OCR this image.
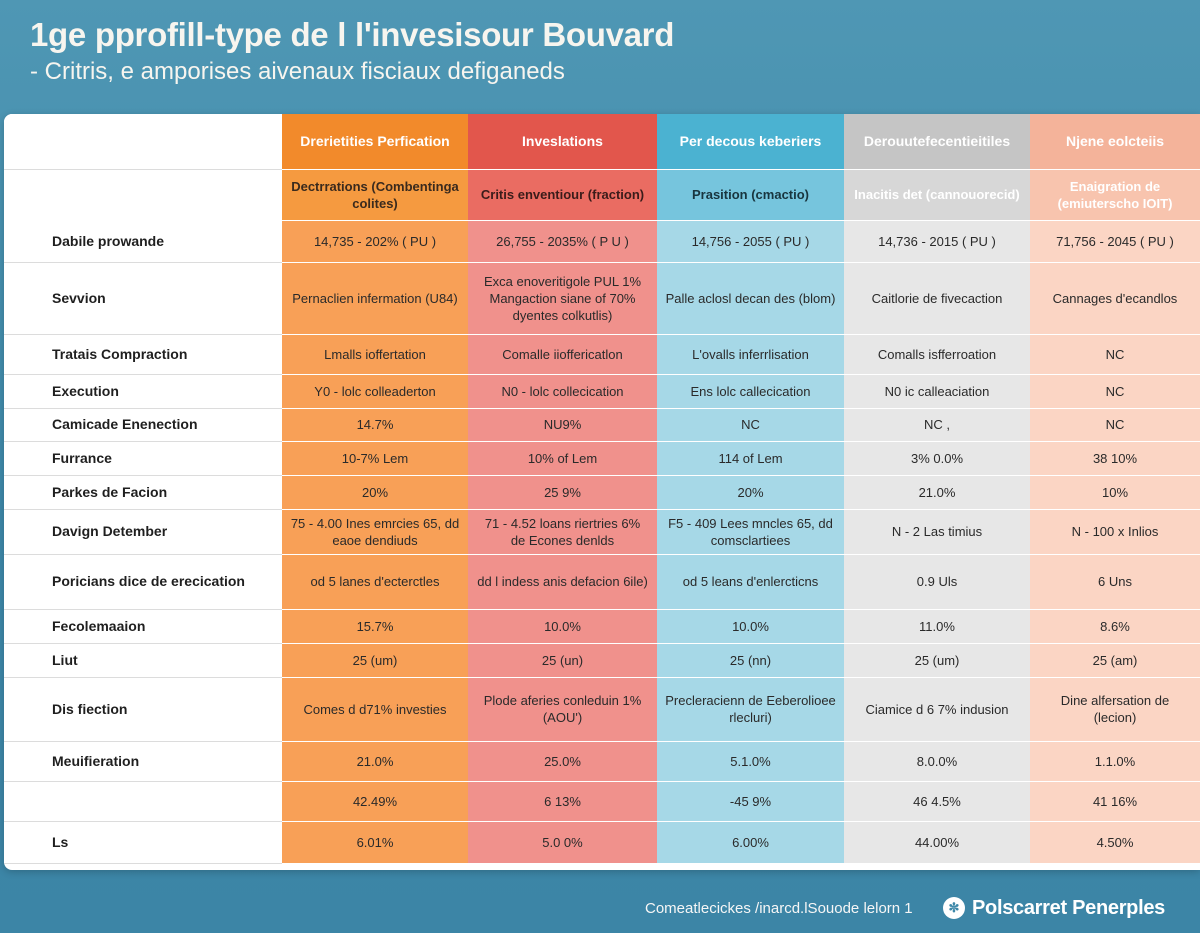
1ge pprofill-type de l l'invesisour Bouvard
- Critris, e amporises aivenaux fisciaux defiganeds
	Drerietities Perfication	Inveslations	Per decous keberiers	Derouutefecentieitiles	Njene eolcteiis
	Dectrrations (Combentinga colites)	Critis enventiour (fraction)	Prasition (cmactio)	Inacitis det (cannouorecid)	Enaigration de (emiuterscho IOIT)
Dabile prowande	14,735 - 202% ( PU )	26,755 - 2035% ( P U )	14,756 - 2055 ( PU )	14,736 - 2015 ( PU )	71,756 - 2045 ( PU )
Sevvion	Pernaclien infermation (U84)	Exca enoveritigole PUL 1% Mangaction siane of 70% dyentes colkutlis)	Palle aclosl decan des (blom)	Caitlorie de fivecaction	Cannages d'ecandlos
Tratais Compraction	Lmalls ioffertation	Comalle iioffericatlon	L'ovalls inferrlisation	Comalls isfferroation	NC
Execution	Y0 - lolc colleaderton	N0 - lolc collecication	Ens lolc callecication	N0 ic calleaciation	NC
Camicade Enenection	14.7%	NU9%	NC	NC ,	NC
Furrance	10-7% Lem	10% of Lem	114 of Lem	3% 0.0%	38 10%
Parkes de Facion	20%	25 9%	20%	21.0%	10%
Davign Detember	75 - 4.00 Ines emrcies 65, dd eaoe dendiuds	71 - 4.52 loans riertries 6% de Econes denlds	F5 - 409 Lees mncles 65, dd comsclartiees	N - 2 Las timius	N - 100 x Inlios
Poricians dice de erecication	od 5 lanes d'ecterctles	dd l indess anis defacion 6ile)	od 5 leans d'enlercticns	0.9 Uls	6 Uns
Fecolemaaion	15.7%	10.0%	10.0%	11.0%	8.6%
Liut	25 (um)	25 (un)	25 (nn)	25 (um)	25 (am)
Dis fiection	Comes d d71% investies	Plode aferies conleduin 1% (AOU')	Precleracienn de Eeberolioee rlecluri)	Ciamice d 6 7% indusion	Dine alfersation de (lecion)
Meuifieration	21.0%	25.0%	5.1.0%	8.0.0%	1.1.0%
	42.49%	6 13%	-45 9%	46 4.5%	41 16%
Ls	6.01%	5.0 0%	6.00%	44.00%	4.50%
Comeatlecickes /inarcd.lSouode lelorn 1	✼ Polscarret Penerples
